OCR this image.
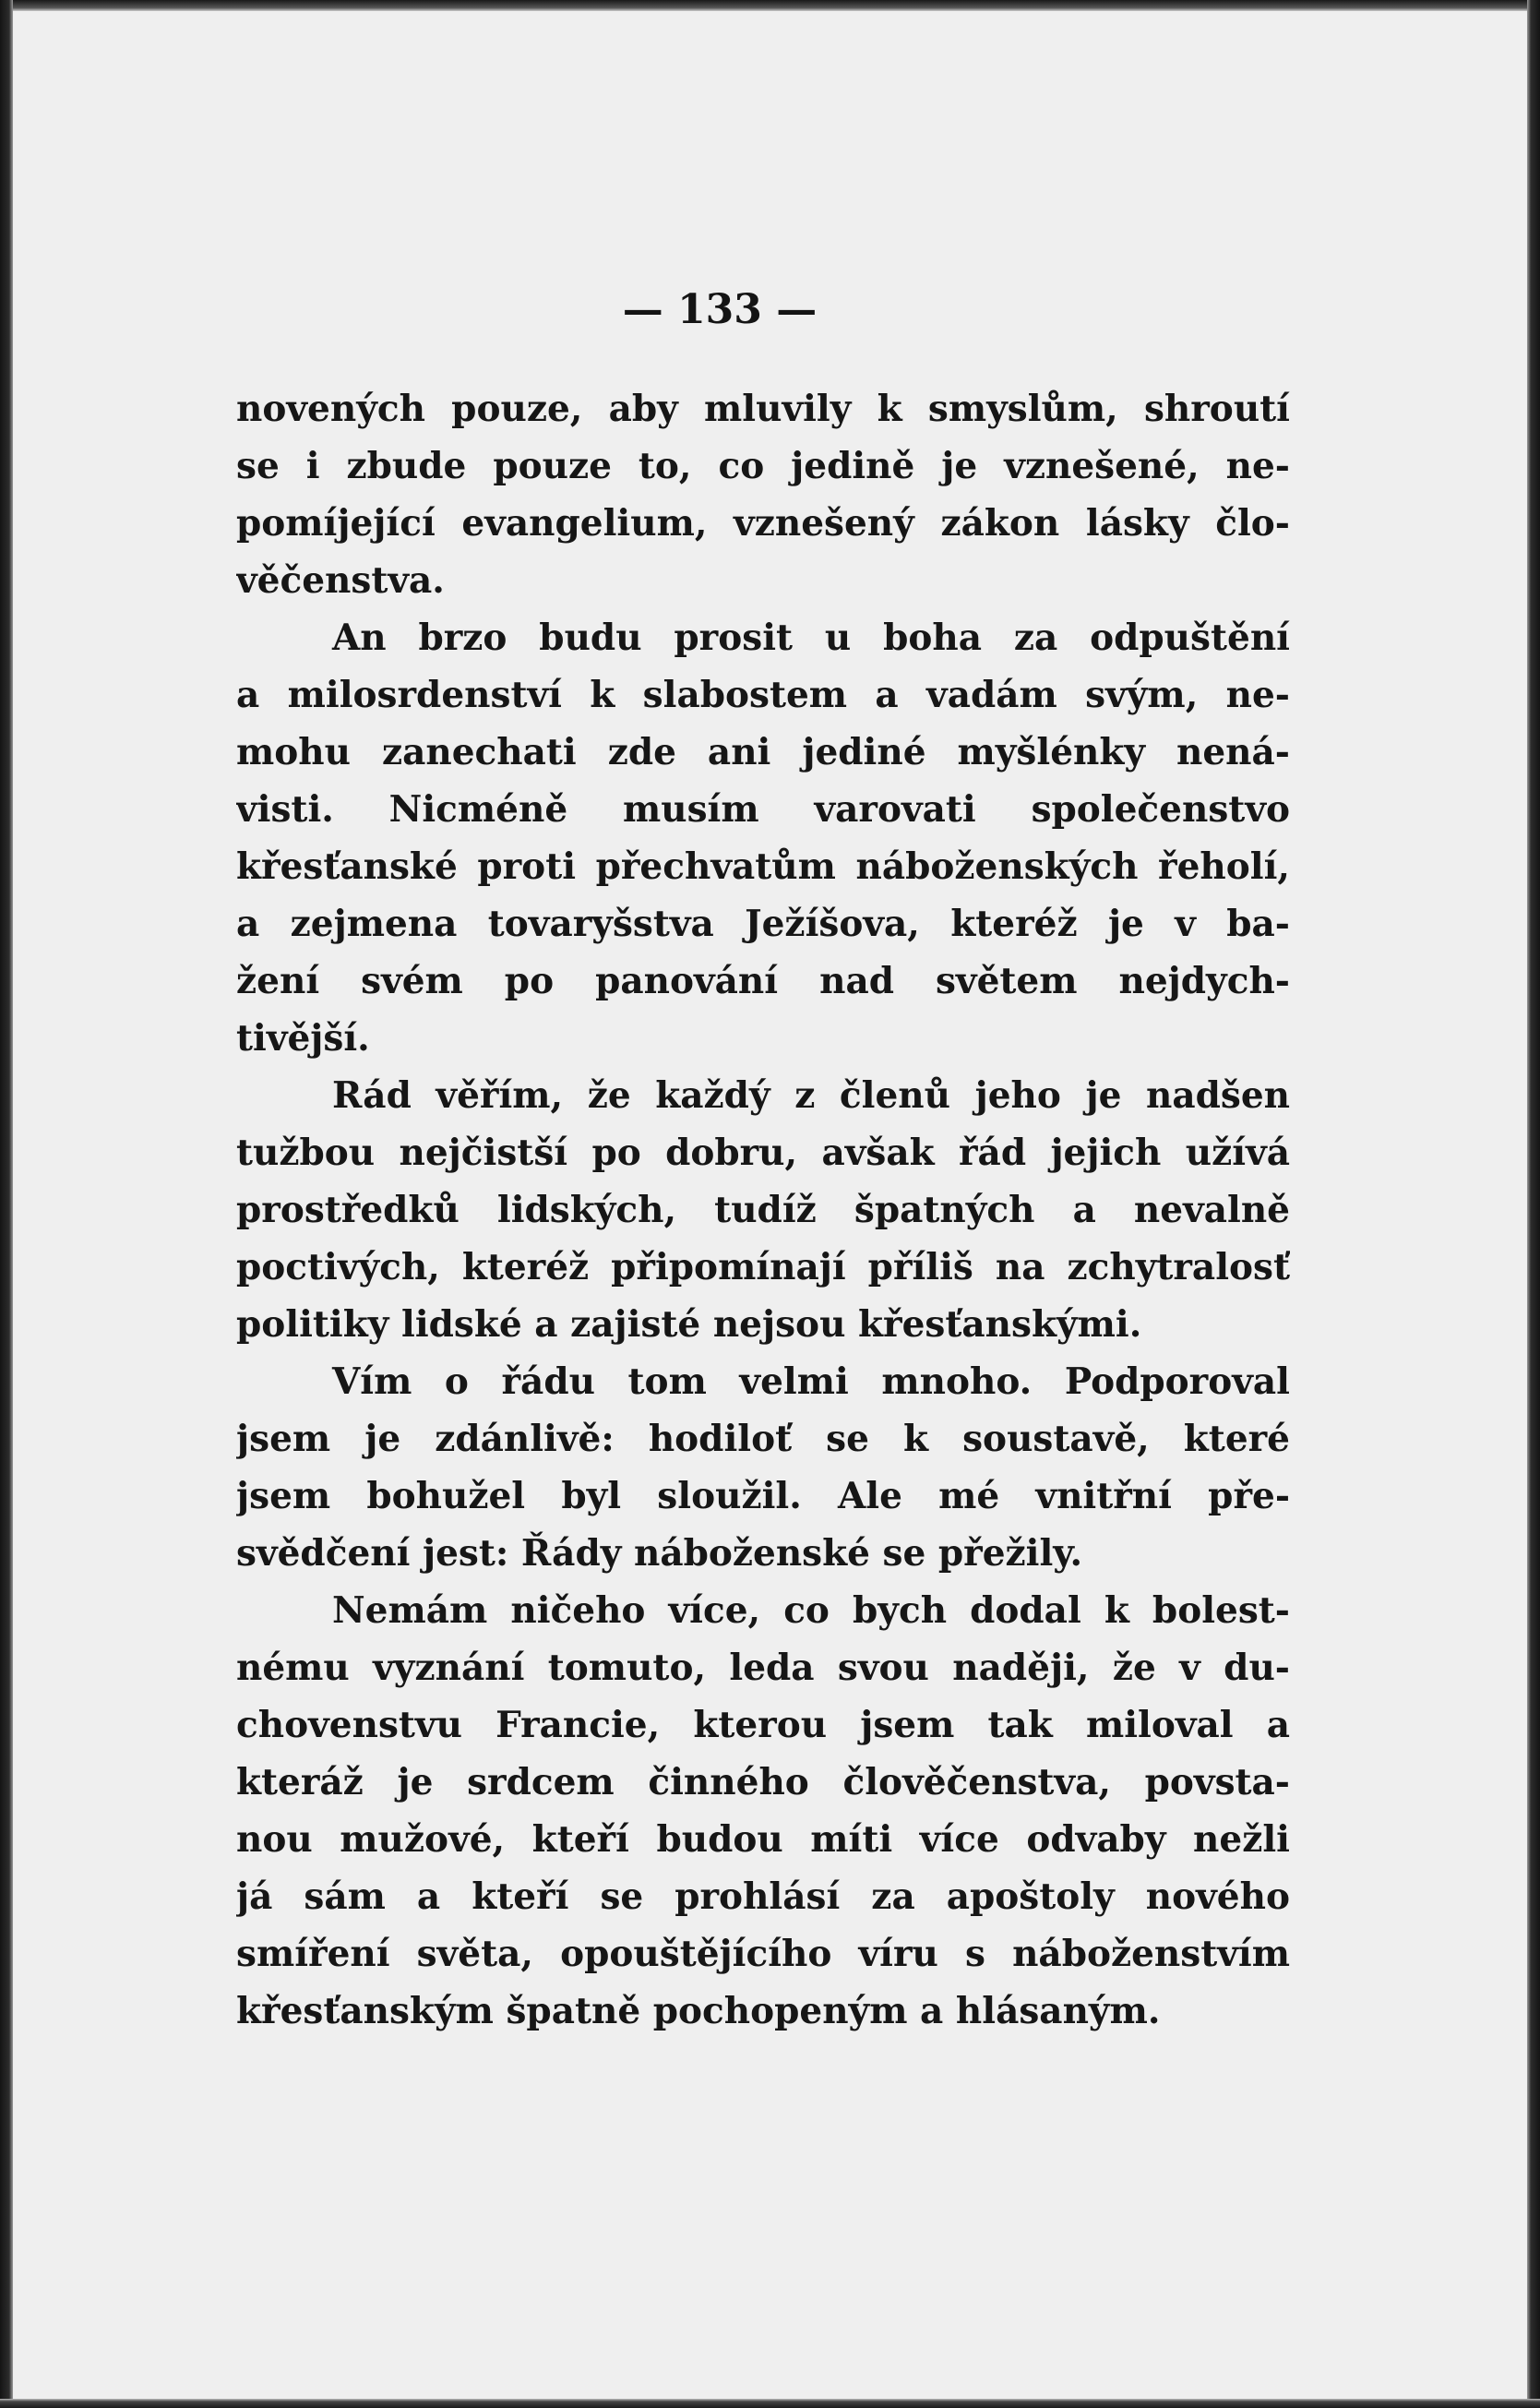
— 133 —
novených pouze, aby mluvily k smyslům, shroutí
se i zbude pouze to, co jedině je vznešené, ne-
pomíjející evangelium, vznešený zákon lásky člo-
věčenstva.
An brzo budu prosit u boha za odpuštění
a milosrdenství k slabostem a vadám svým, ne-
mohu zanechati zde ani jediné myšlénky nená-
visti. Nicméně musím varovati společenstvo
křesťanské proti přechvatům náboženských řeholí,
a zejmena tovaryšstva Ježíšova, kteréž je v ba-
žení svém po panování nad světem nejdych-
tivější.
Rád věřím, že každý z členů jeho je nadšen
tužbou nejčistší po dobru, avšak řád jejich užívá
prostředků lidských, tudíž špatných a nevalně
poctivých, kteréž připomínají příliš na zchytralosť
politiky lidské a zajisté nejsou křesťanskými.
Vím o řádu tom velmi mnoho. Podporoval
jsem je zdánlivě: hodiloť se k soustavě, které
jsem bohužel byl sloužil. Ale mé vnitřní pře-
svědčení jest: Řády náboženské se přežily.
Nemám ničeho více, co bych dodal k bolest-
nému vyznání tomuto, leda svou naději, že v du-
chovenstvu Francie, kterou jsem tak miloval a
kteráž je srdcem činného člověčenstva, povsta-
nou mužové, kteří budou míti více odvaby nežli
já sám a kteří se prohlásí za apoštoly nového
smíření světa, opouštějícího víru s náboženstvím
křesťanským špatně pochopeným a hlásaným.
